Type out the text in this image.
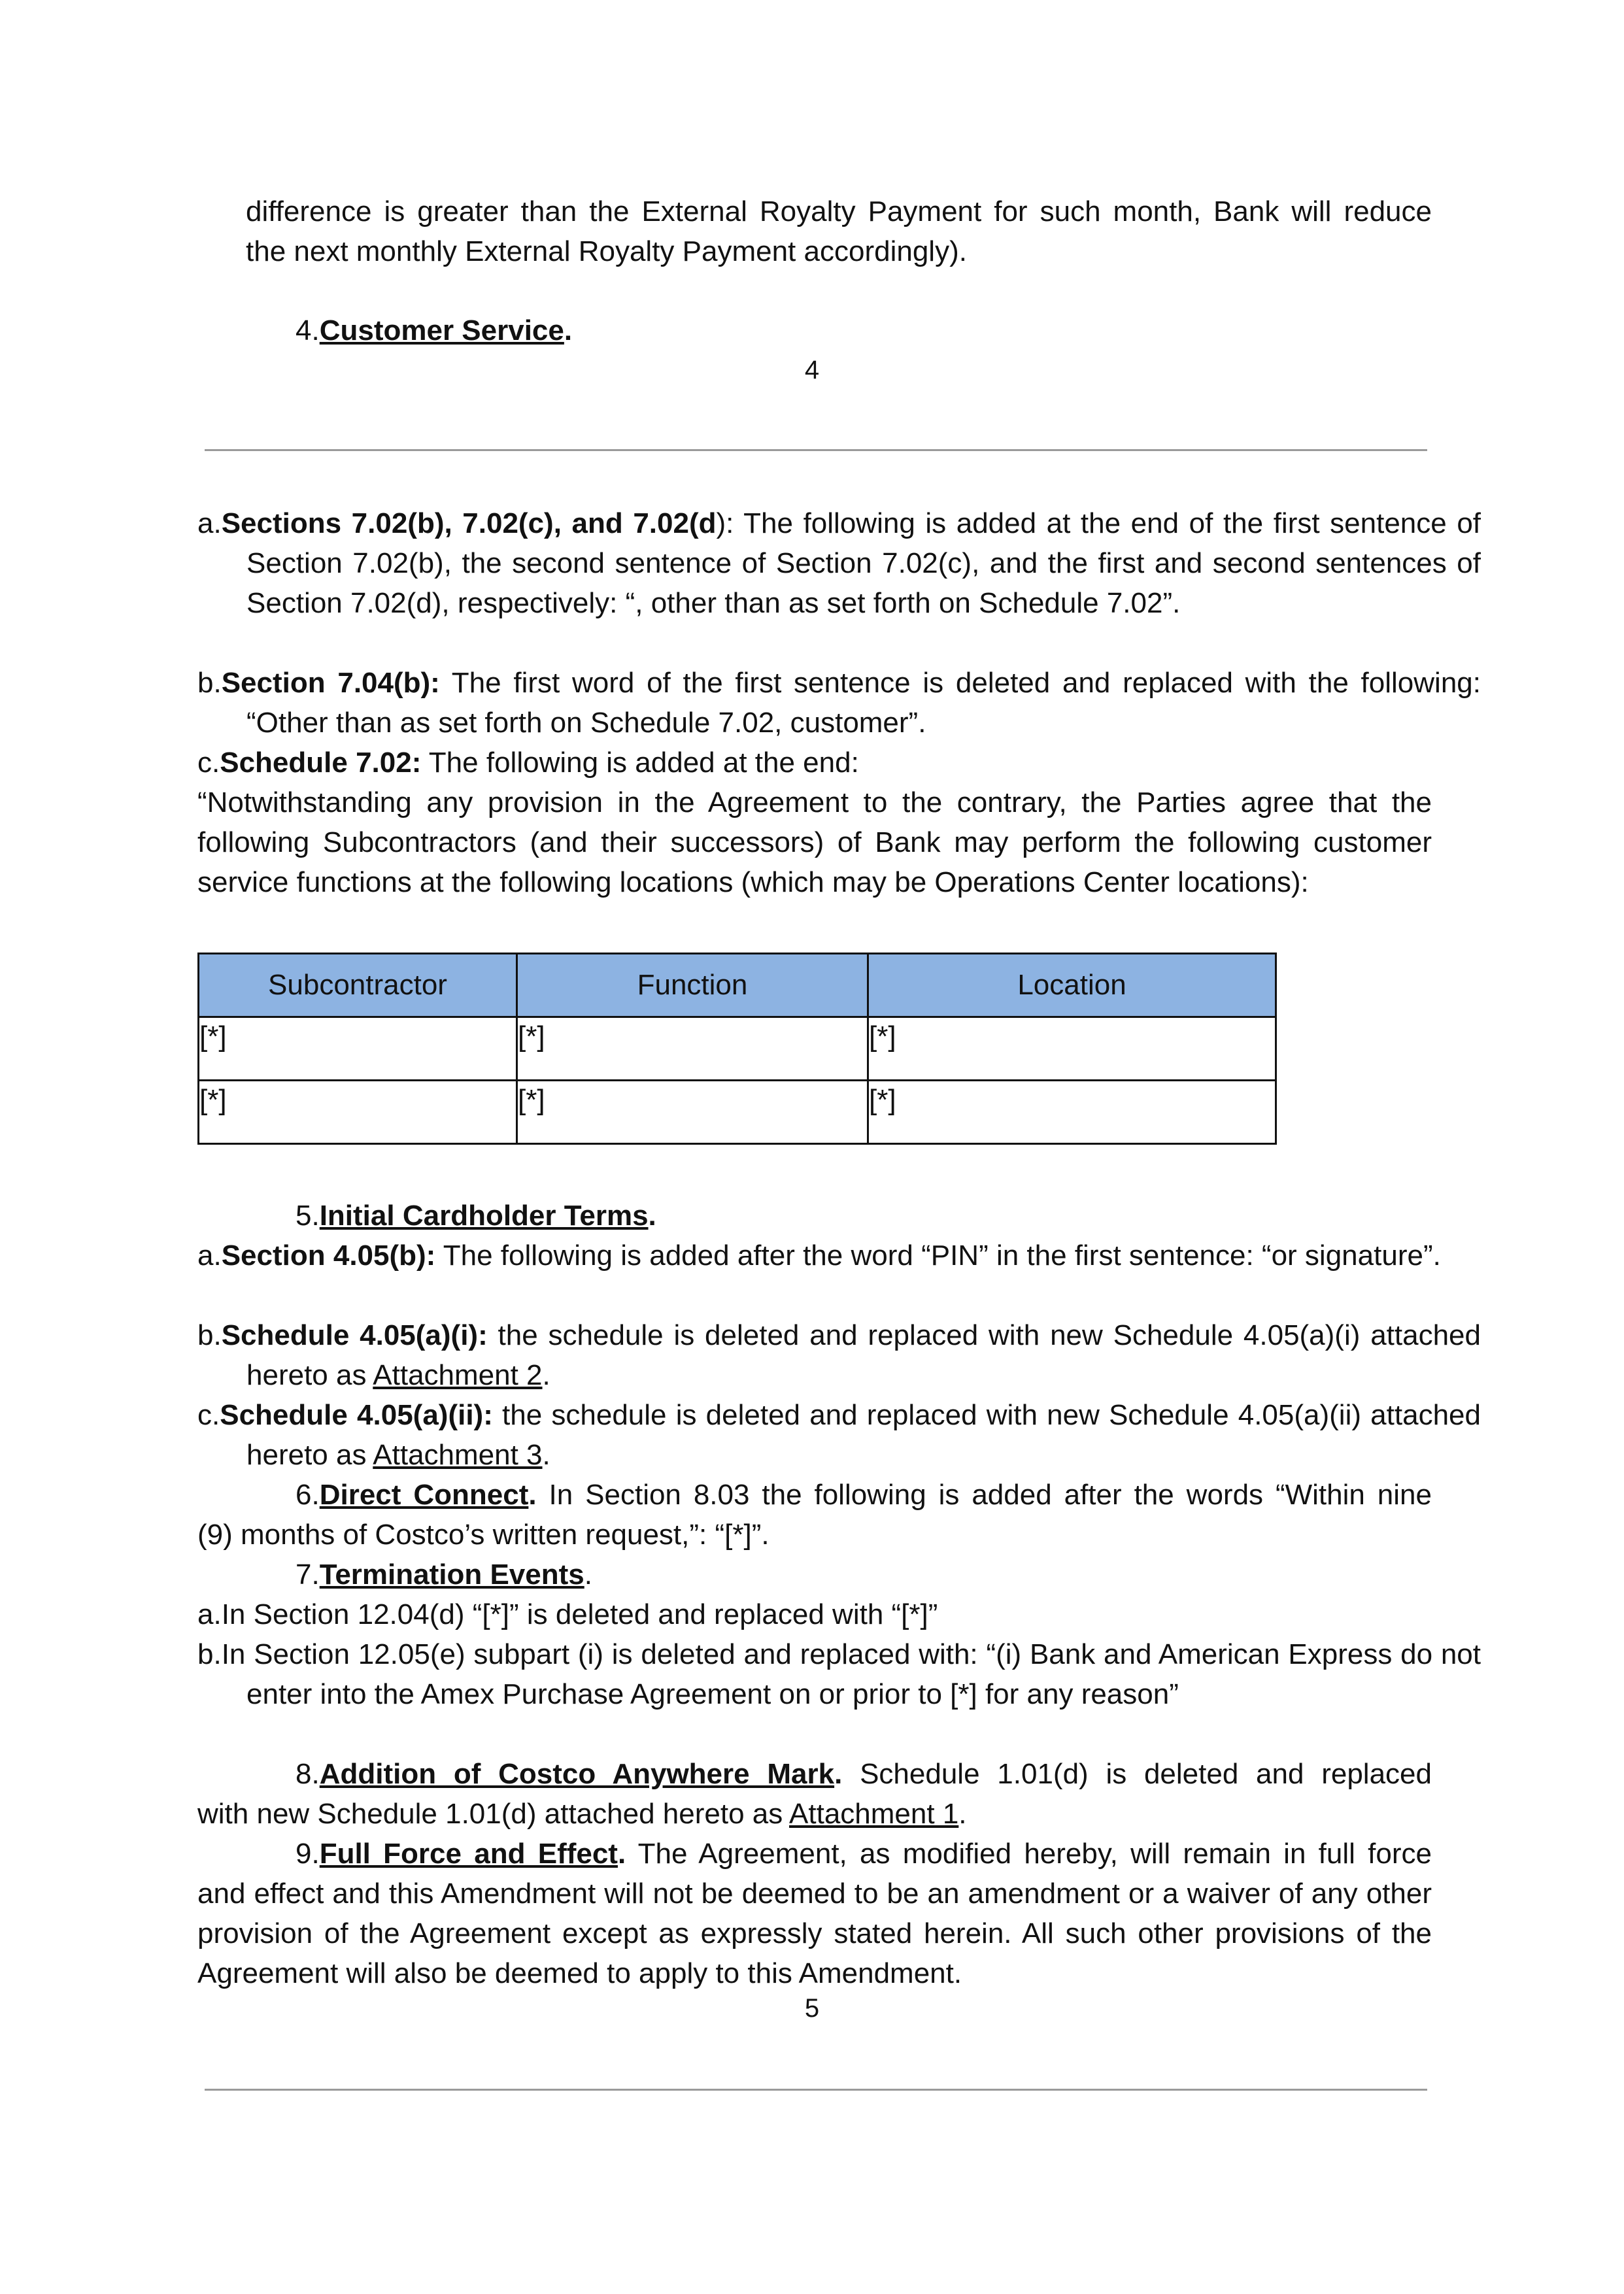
difference is greater than the External Royalty Payment for such month, Bank will reduce
the next monthly External Royalty Payment accordingly).
4.Customer Service.
4
a.Sections 7.02(b), 7.02(c), and 7.02(d): The following is added at the end of the first sentence of Section 7.02(b), the second sentence of Section 7.02(c), and the first and second sentences of Section 7.02(d), respectively: “, other than as set forth on Schedule 7.02”.
b.Section 7.04(b): The first word of the first sentence is deleted and replaced with the following: “Other than as set forth on Schedule 7.02, customer”.
c.Schedule 7.02: The following is added at the end:
“Notwithstanding any provision in the Agreement to the contrary, the Parties agree that the following Subcontractors (and their successors) of Bank may perform the following customer service functions at the following locations (which may be Operations Center locations):
Subcontractor	Function	Location
[*]	[*]	[*]
[*]	[*]	[*]
5.Initial Cardholder Terms.
a.Section 4.05(b): The following is added after the word “PIN” in the first sentence: “or signature”.
b.Schedule 4.05(a)(i): the schedule is deleted and replaced with new Schedule 4.05(a)(i) attached hereto as Attachment 2.
c.Schedule 4.05(a)(ii): the schedule is deleted and replaced with new Schedule 4.05(a)(ii) attached hereto as Attachment 3.
6.Direct Connect. In Section 8.03 the following is added after the words “Within nine
(9) months of Costco’s written request,”: “[*]”.
7.Termination Events.
a.In Section 12.04(d) “[*]” is deleted and replaced with “[*]”
b.In Section 12.05(e) subpart (i) is deleted and replaced with: “(i) Bank and American Express do not enter into the Amex Purchase Agreement on or prior to [*] for any reason”
8.Addition of Costco Anywhere Mark. Schedule 1.01(d) is deleted and replaced
with new Schedule 1.01(d) attached hereto as Attachment 1.
9.Full Force and Effect. The Agreement, as modified hereby, will remain in full force
and effect and this Amendment will not be deemed to be an amendment or a waiver of any other provision of the Agreement except as expressly stated herein. All such other provisions of the Agreement will also be deemed to apply to this Amendment.
5
